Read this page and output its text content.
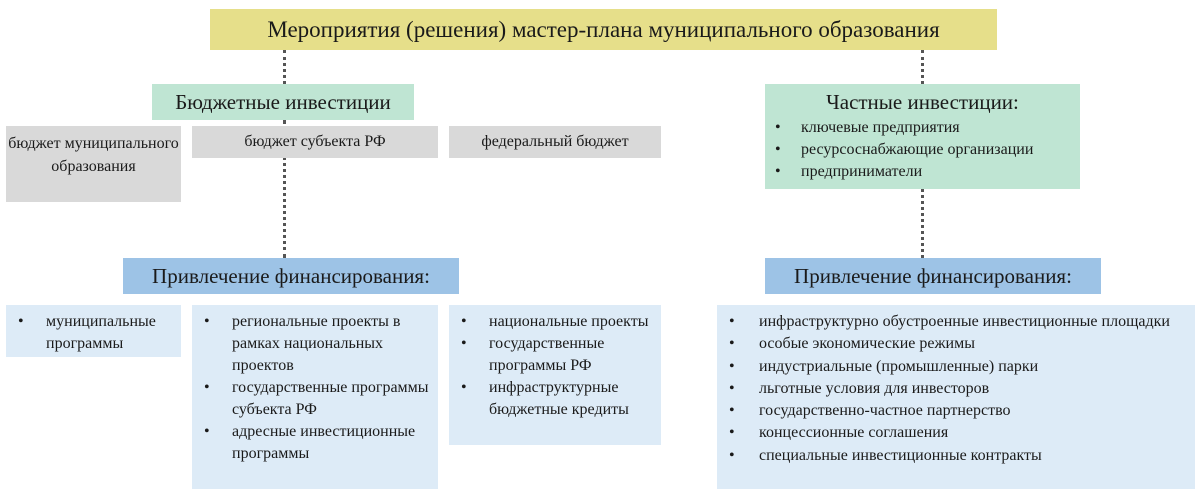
Мероприятия (решения) мастер-плана муниципального образования
Бюджетные инвестиции	Частные инвестиции:
• ключевые предприятия
• ресурсоснабжающие организации
• предприниматели
бюджет муниципального образования
бюджет субъекта РФ	федеральный бюджет
Привлечение финансирования:	Привлечение финансирования:
• муниципальные программы
• региональные проекты в рамках национальных проектов
• государственные программы субъекта РФ
• адресные инвестиционные программы
• национальные проекты
• государственные программы РФ
• инфраструктурные бюджетные кредиты
• инфраструктурно обустроенные инвестиционные площадки
• особые экономические режимы
• индустриальные (промышленные) парки
• льготные условия для инвесторов
• государственно-частное партнерство
• концессионные соглашения
• специальные инвестиционные контракты
